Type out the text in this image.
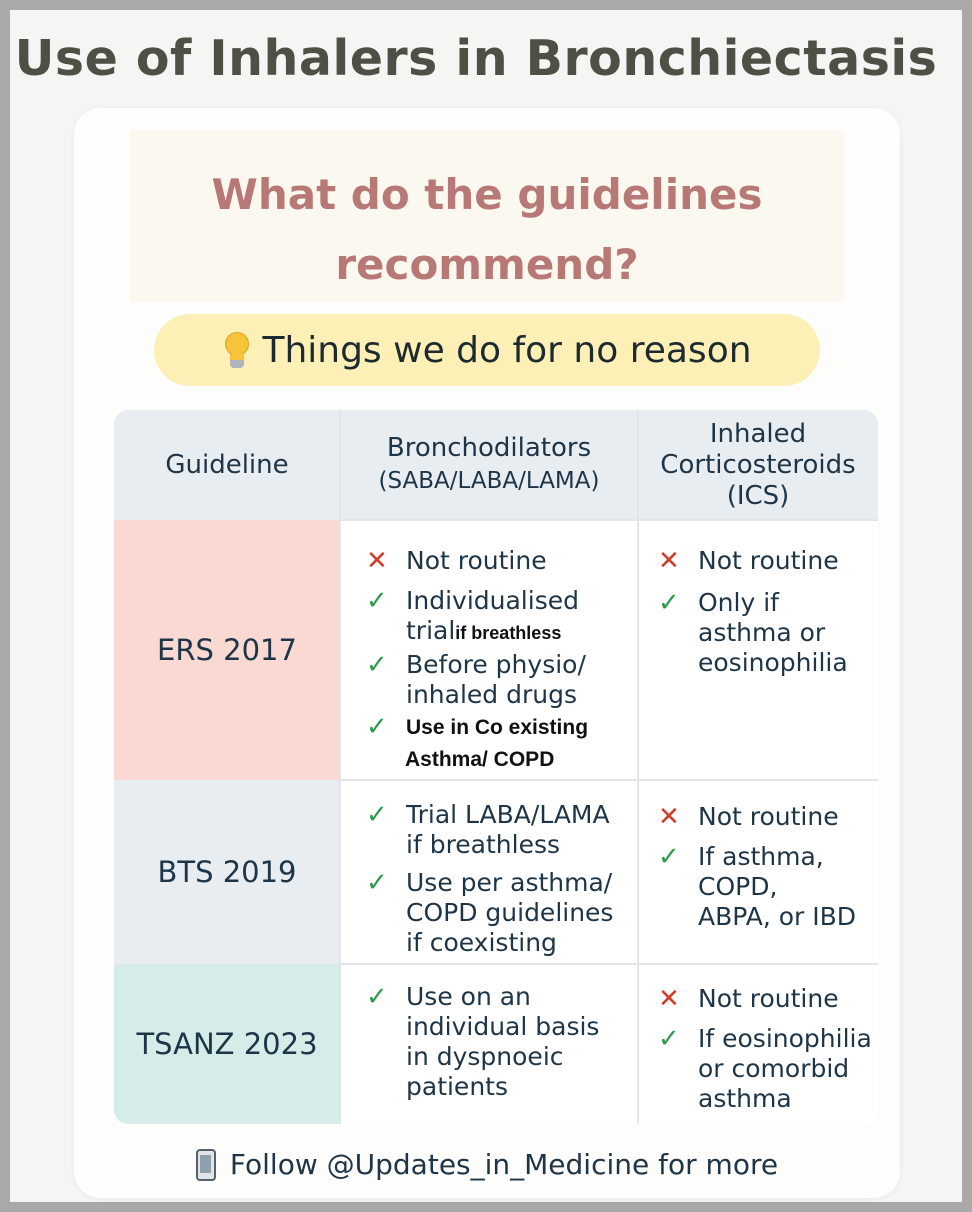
Use of Inhalers in Bronchiectasis
What do the guidelines
recommend?
Things we do for no reason
Guideline
Bronchodilators
(SABA/LABA/LAMA)
Inhaled
Corticosteroids
(ICS)
ERS 2017
BTS 2019
TSANZ 2023
✕ Not routine
✓ Individualised
trialif breathless
✓ Before physio/
inhaled drugs
✓ Use in Co existing
Asthma/ COPD
✕ Not routine
✓ Only if
asthma or
eosinophilia
✓ Trial LABA/LAMA
if breathless
✓ Use per asthma/
COPD guidelines
if coexisting
✕ Not routine
✓ If asthma,
COPD,
ABPA, or IBD
✓ Use on an
individual basis
in dyspnoeic
patients
✕ Not routine
✓ If eosinophilia
or comorbid
asthma
Follow @Updates_in_Medicine for more
